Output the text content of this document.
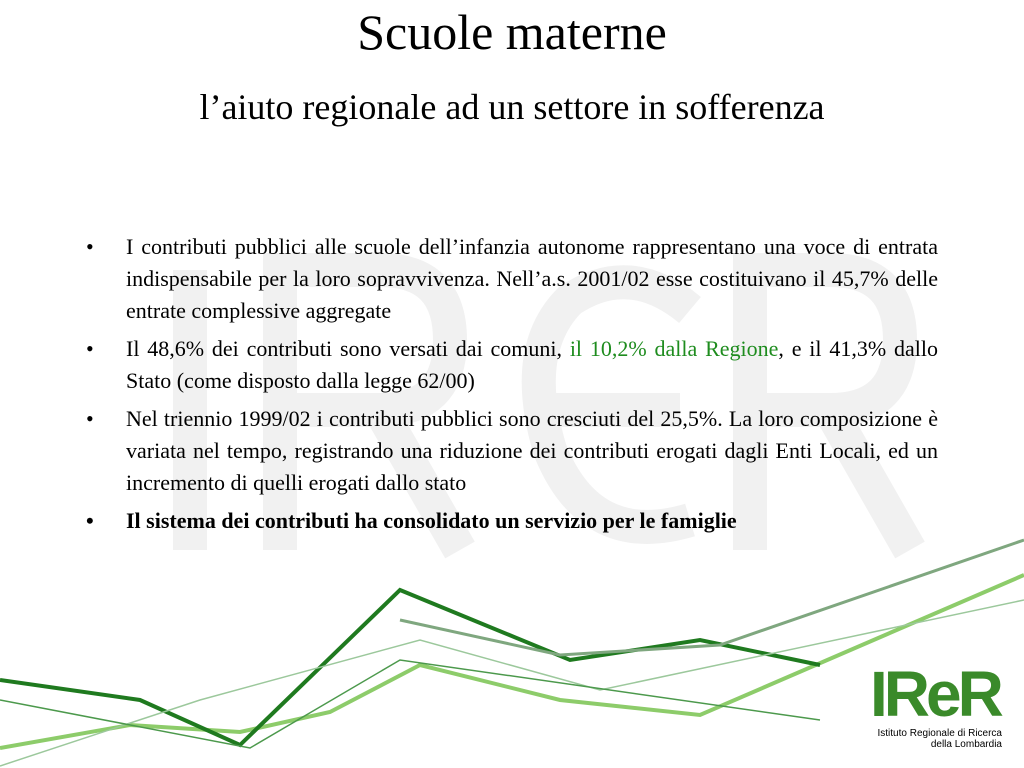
Scuole materne
l’aiuto regionale ad un settore in sofferenza
• I contributi pubblici alle scuole dell’infanzia autonome rappresentano una voce di entrata indispensabile per la loro sopravvivenza. Nell’a.s. 2001/02 esse costituivano il 45,7% delle entrate complessive aggregate
• Il 48,6% dei contributi sono versati dai comuni, il 10,2% dalla Regione, e il 41,3% dallo Stato (come disposto dalla legge 62/00)
• Nel triennio 1999/02 i contributi pubblici sono cresciuti del 25,5%. La loro composizione è variata nel tempo, registrando una riduzione dei contributi erogati dagli Enti Locali, ed un incremento di quelli erogati dallo stato
• Il sistema dei contributi ha consolidato un servizio per le famiglie
IReR
Istituto Regionale di Ricerca
della Lombardia
